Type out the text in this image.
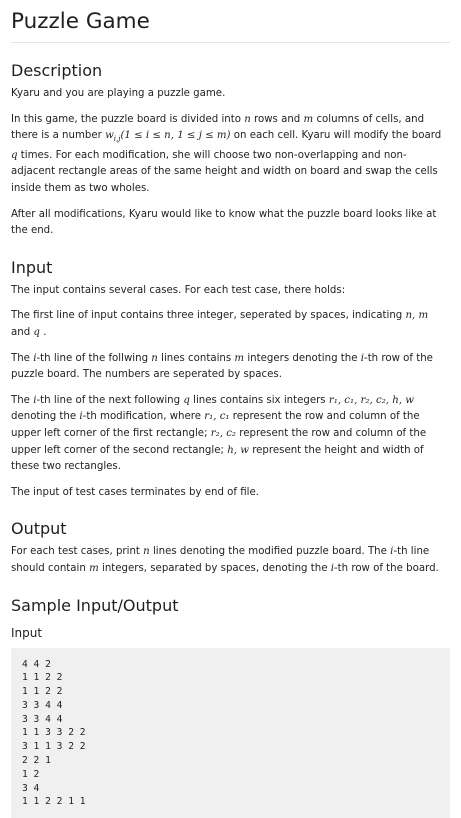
Puzzle Game
Description

Kyaru and you are playing a puzzle game.

In this game, the puzzle board is divided into n rows and m columns of cells, and there is a number $w_{i,j}(1 \le i \le n$, 1 ≤ j ≤ m) on each cell. Kyaru will modify the board q times. For each modification, she will choose two non-overlapping and non-adjacent rectangle areas of the same height and width on board and swap the cells inside them as two wholes.

After all modifications, Kyaru would like to know what the puzzle board looks like at the end.

Input

The input contains several cases. For each test case, there holds:

The first line of input contains three integer, seperated by spaces, indicating n, m and q .

The i-th line of the follwing n lines contains m integers denoting the i-th row of the puzzle board. The numbers are seperated by spaces.

The i-th line of the next following q lines contains six integers r₁, c₁, r₂, c₂, h, w denoting the i-th modification, where r₁, c₁ represent the row and column of the upper left corner of the first rectangle; r₂, c₂ represent the row and column of the upper left corner of the second rectangle; h, w represent the height and width of these two rectangles.

The input of test cases terminates by end of file.

Output

For each test cases, print n lines denoting the modified puzzle board. The i-th line should contain m integers, separated by spaces, denoting the i-th row of the board.

Sample Input/Output
Input
4 4 2
1 1 2 2
1 1 2 2
3 3 4 4
3 3 4 4
1 1 3 3 2 2
3 1 1 3 2 2
2 2 1
1 2
3 4
1 1 2 2 1 1
